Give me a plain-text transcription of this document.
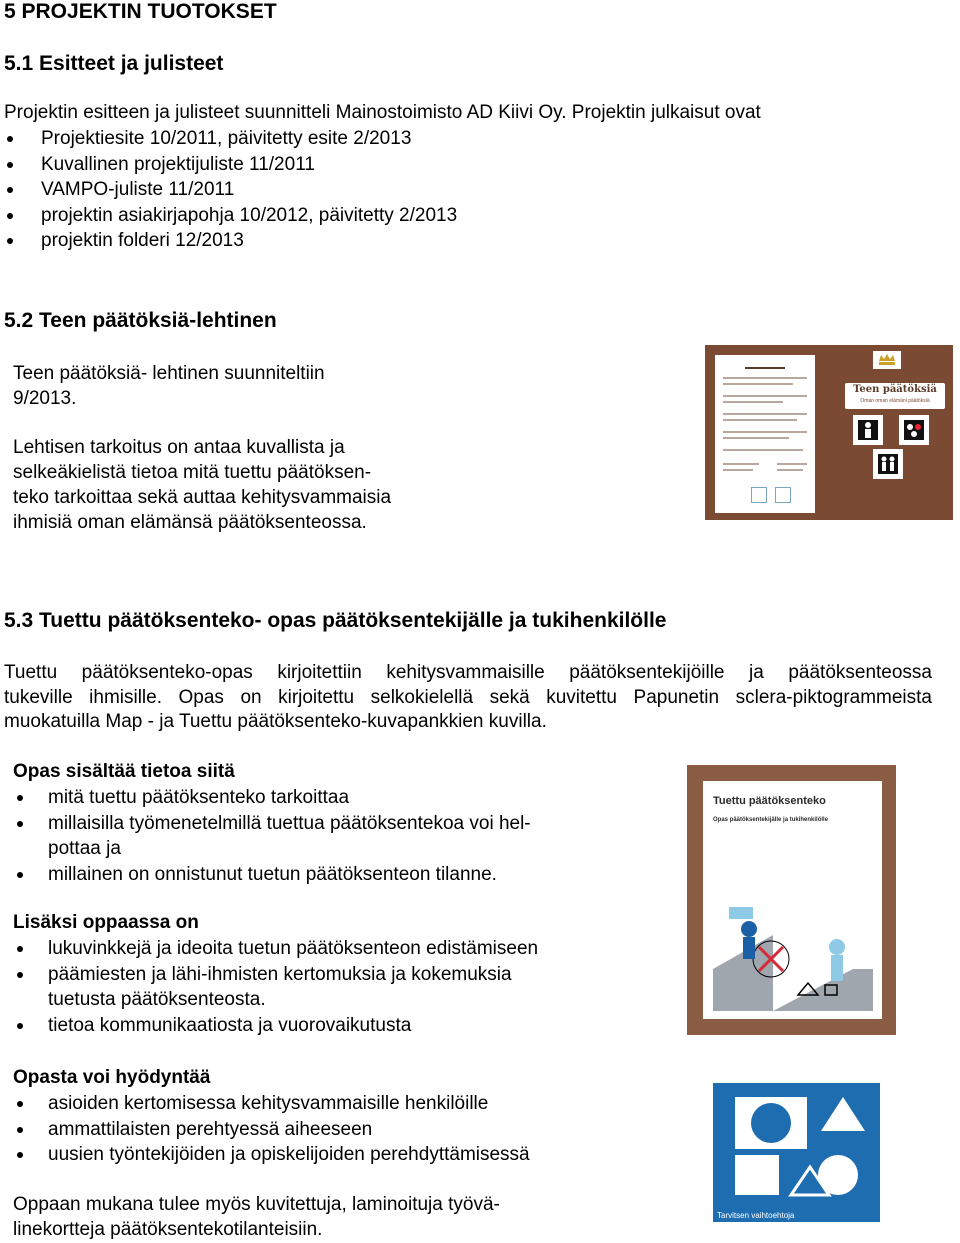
5 PROJEKTIN TUOTOKSET
5.1 Esitteet ja julisteet
Projektin esitteen ja julisteet suunnitteli Mainostoimisto AD Kiivi Oy. Projektin julkaisut ovat
Projektiesite 10/2011, päivitetty esite 2/2013
Kuvallinen projektijuliste 11/2011
VAMPO-juliste 11/2011
projektin asiakirjapohja 10/2012, päivitetty 2/2013
projektin folderi 12/2013
5.2 Teen päätöksiä-lehtinen
Teen päätöksiä- lehtinen suunniteltiin
9/2013.
Lehtisen tarkoitus on antaa kuvallista ja
selkeäkielistä tietoa mitä tuettu päätöksen-
teko tarkoittaa sekä auttaa kehitysvammaisia
ihmisiä oman elämänsä päätöksenteossa.
Teen päätöksiä
Oman oman elämäni päätöksiä
5.3 Tuettu päätöksenteko- opas päätöksentekijälle ja tukihenkilölle
Tuettu päätöksenteko-opas kirjoitettiin kehitysvammaisille päätöksentekijöille ja päätöksenteossa
tukeville ihmisille. Opas on kirjoitettu selkokielellä sekä kuvitettu Papunetin sclera-piktogrammeista
muokatuilla Map - ja Tuettu päätöksenteko-kuvapankkien kuvilla.
Opas sisältää tietoa siitä
mitä tuettu päätöksenteko tarkoittaa
millaisilla työmenetelmillä tuettua päätöksentekoa voi hel-
pottaa ja
millainen on onnistunut tuetun päätöksenteon tilanne.
Lisäksi oppaassa on
lukuvinkkejä ja ideoita tuetun päätöksenteon edistämiseen
päämiesten ja lähi-ihmisten kertomuksia ja kokemuksia
tuetusta päätöksenteosta.
tietoa kommunikaatiosta ja vuorovaikutusta
Opasta voi hyödyntää
asioiden kertomisessa kehitysvammaisille henkilöille
ammattilaisten perehtyessä aiheeseen
uusien työntekijöiden ja opiskelijoiden perehdyttämisessä
Oppaan mukana tulee myös kuvitettuja, laminoituja työvä-
linekortteja päätöksentekotilanteisiin.
Tuettu päätöksenteko
Opas päätöksentekijälle ja tukihenkilölle
Tarvitsen vaihtoehtoja
